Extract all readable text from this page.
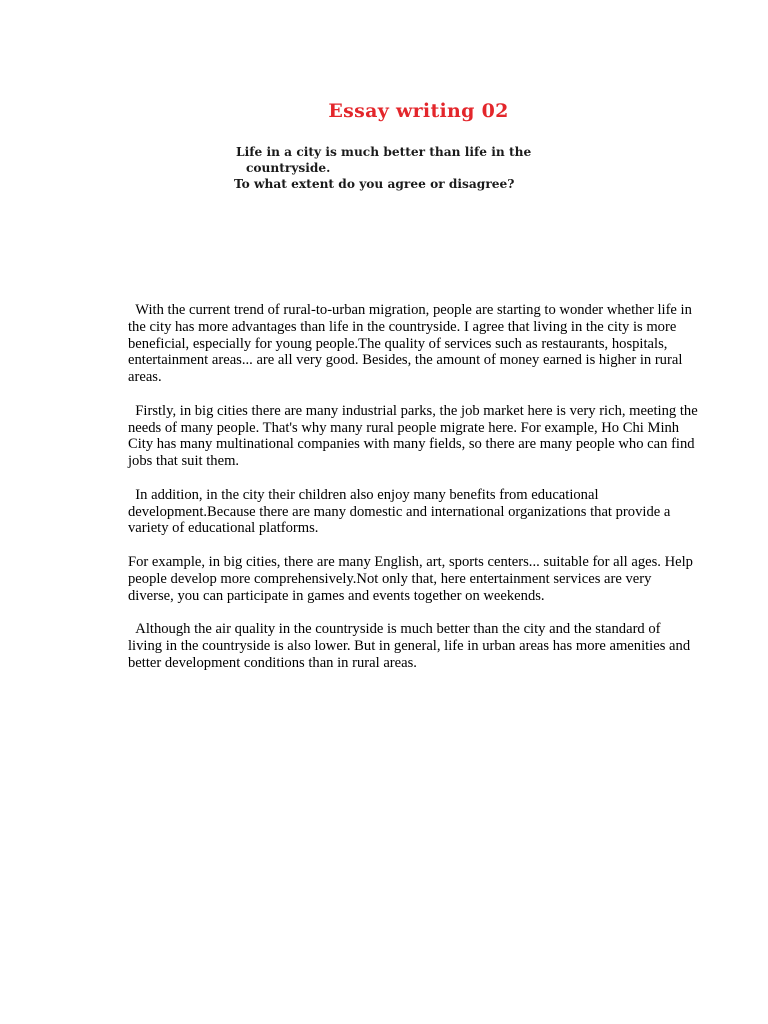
Essay writing 02
Life in a city is much better than life in the
countryside.
To what extent do you agree or disagree?

With the current trend of rural-to-urban migration, people are starting to wonder whether life in the city has more advantages than life in the countryside. I agree that living in the city is more beneficial, especially for young people.The quality of services such as restaurants, hospitals, entertainment areas... are all very good. Besides, the amount of money earned is higher in rural areas.

Firstly, in big cities there are many industrial parks, the job market here is very rich, meeting the needs of many people. That's why many rural people migrate here. For example, Ho Chi Minh City has many multinational companies with many fields, so there are many people who can find jobs that suit them.

In addition, in the city their children also enjoy many benefits from educational development.Because there are many domestic and international organizations that provide a variety of educational platforms.

For example, in big cities, there are many English, art, sports centers... suitable for all ages. Help people develop more comprehensively.Not only that, here entertainment services are very diverse, you can participate in games and events together on weekends.

Although the air quality in the countryside is much better than the city and the standard of living in the countryside is also lower. But in general, life in urban areas has more amenities and better development conditions than in rural areas.
